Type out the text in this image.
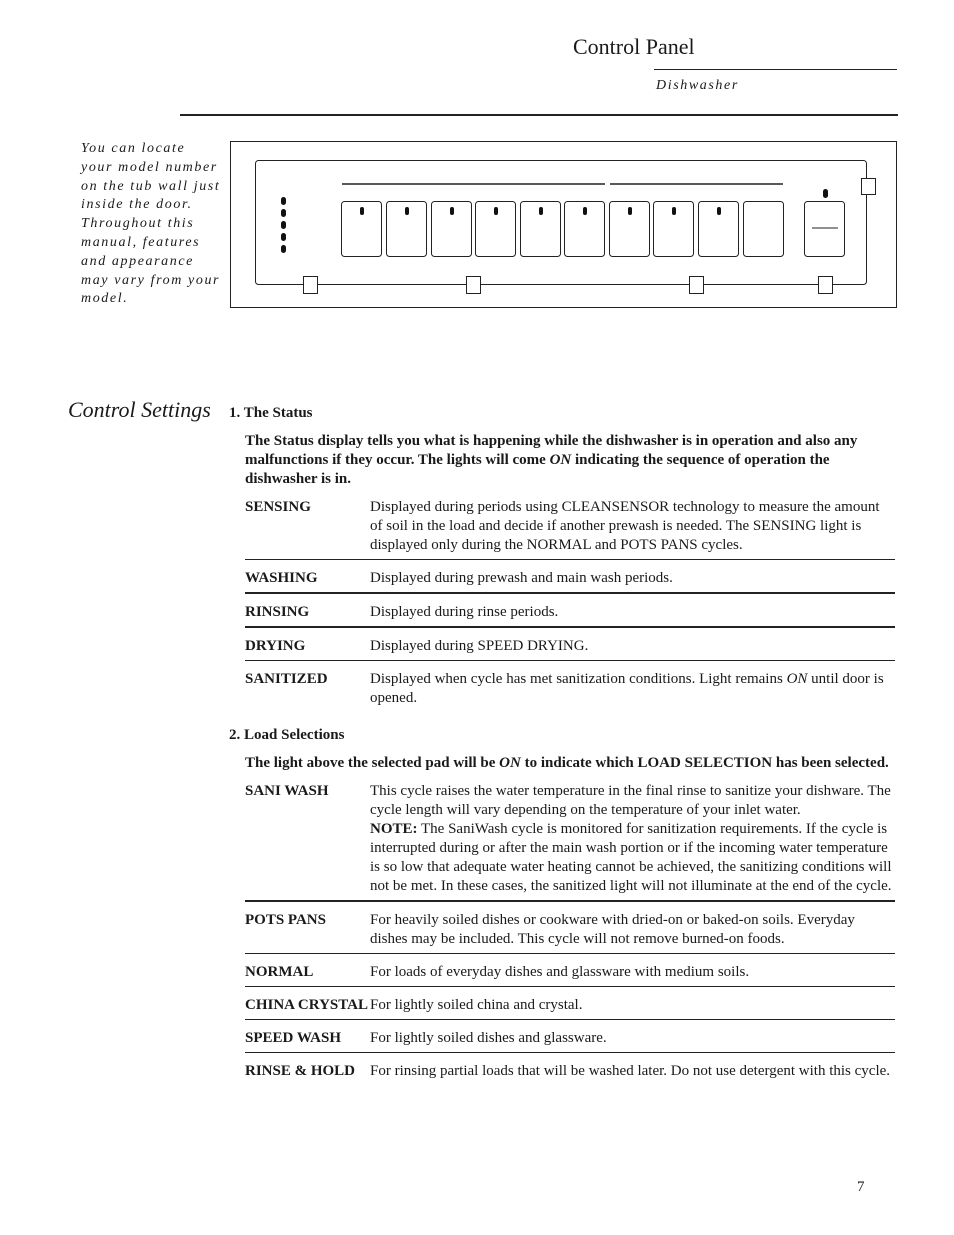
Control Panel
Dishwasher
You can locate your model number on the tub wall just inside the door. Throughout this manual, features and appearance may vary from your model.
Control Settings	1. The Status

The Status display tells you what is happening while the dishwasher is in operation and also any malfunctions if they occur. The lights will come ON indicating the sequence of operation the dishwasher is in.

SENSING	Displayed during periods using CLEANSENSOR technology to measure the amount of soil in the load and decide if another prewash is needed. The SENSING light is displayed only during the NORMAL and POTS PANS cycles.
WASHING	Displayed during prewash and main wash periods.
RINSING	Displayed during rinse periods.
DRYING	Displayed during SPEED DRYING.
SANITIZED	Displayed when cycle has met sanitization conditions. Light remains ON until door is opened.

2. Load Selections

The light above the selected pad will be ON to indicate which LOAD SELECTION has been selected.

SANI WASH	This cycle raises the water temperature in the final rinse to sanitize your dishware. The cycle length will vary depending on the temperature of your inlet water.
NOTE: The SaniWash cycle is monitored for sanitization requirements. If the cycle is interrupted during or after the main wash portion or if the incoming water temperature is so low that adequate water heating cannot be achieved, the sanitizing conditions will not be met. In these cases, the sanitized light will not illuminate at the end of the cycle.
POTS PANS	For heavily soiled dishes or cookware with dried-on or baked-on soils. Everyday dishes may be included. This cycle will not remove burned-on foods.
NORMAL	For loads of everyday dishes and glassware with medium soils.
CHINA CRYSTAL	For lightly soiled china and crystal.
SPEED WASH	For lightly soiled dishes and glassware.
RINSE & HOLD	For rinsing partial loads that will be washed later. Do not use detergent with this cycle.
7
